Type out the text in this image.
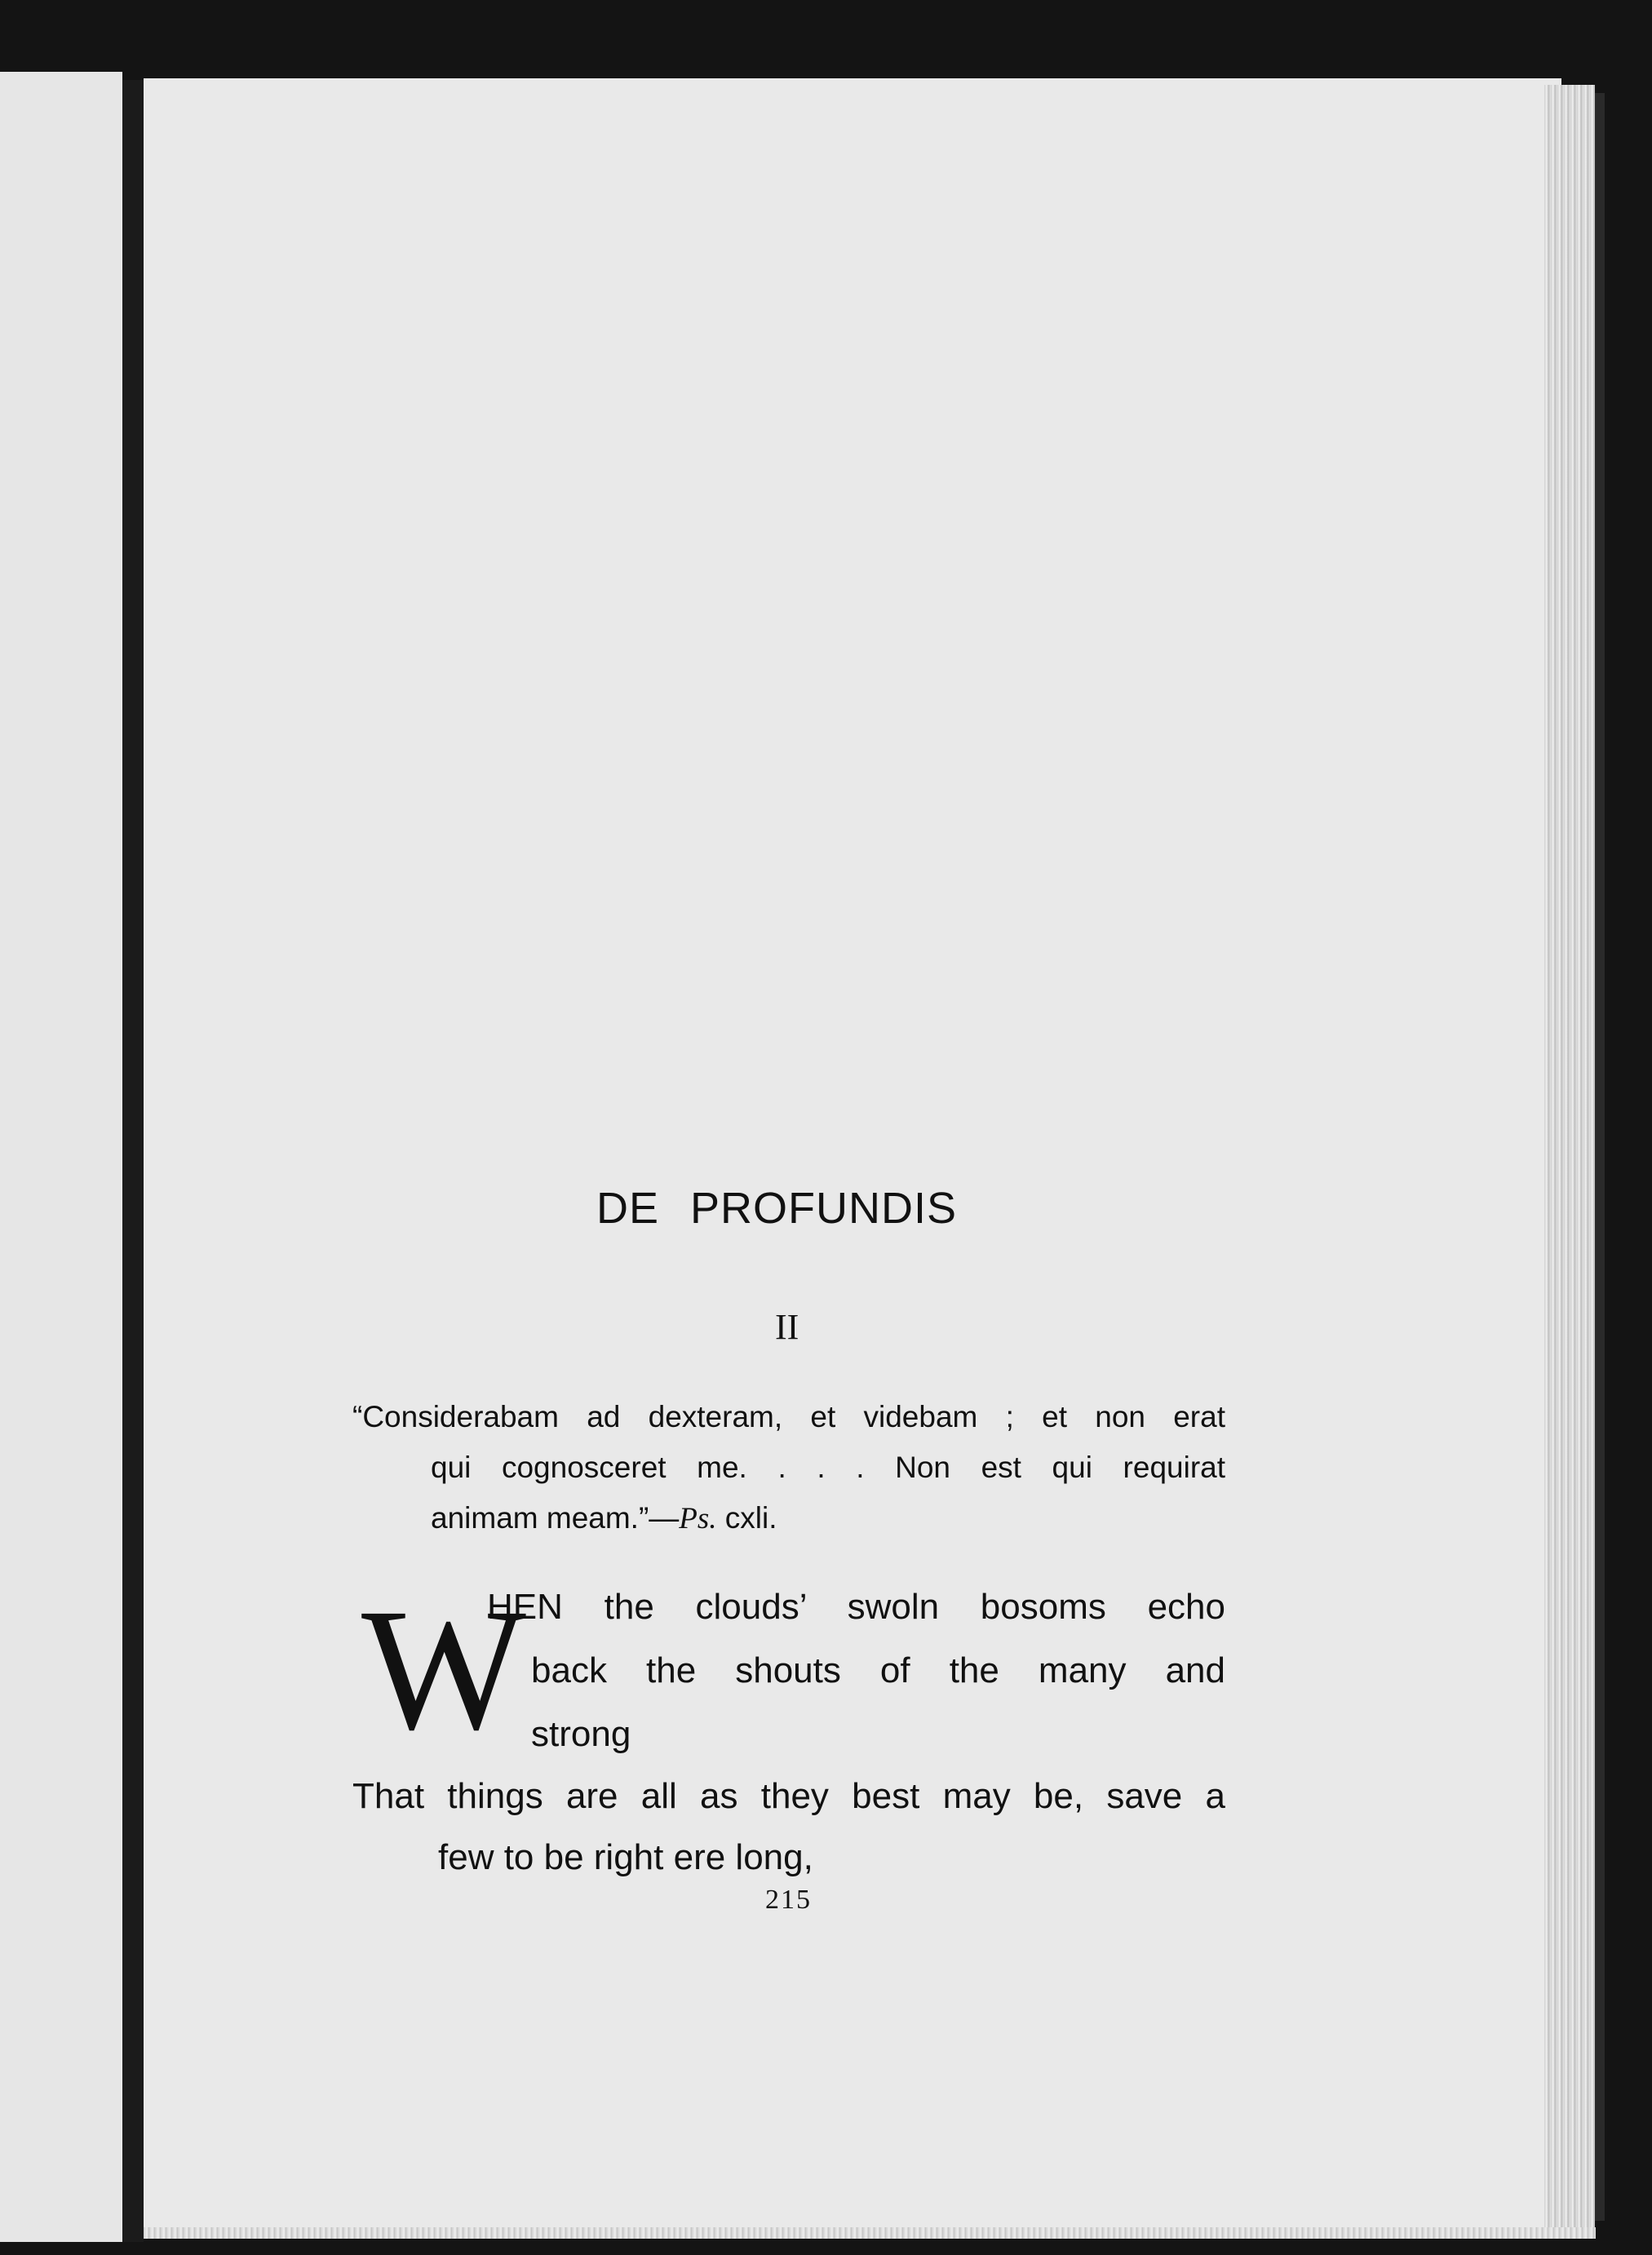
DE PROFUNDIS
II
“Considerabam ad dexteram, et videbam ; et non erat
qui cognosceret me. . . . Non est qui requirat
animam meam.”—Ps. cxli.
W
HEN the clouds’ swoln bosoms echo
back the shouts of the many and
strong
That things are all as they best may be, save a
few to be right ere long,
215
